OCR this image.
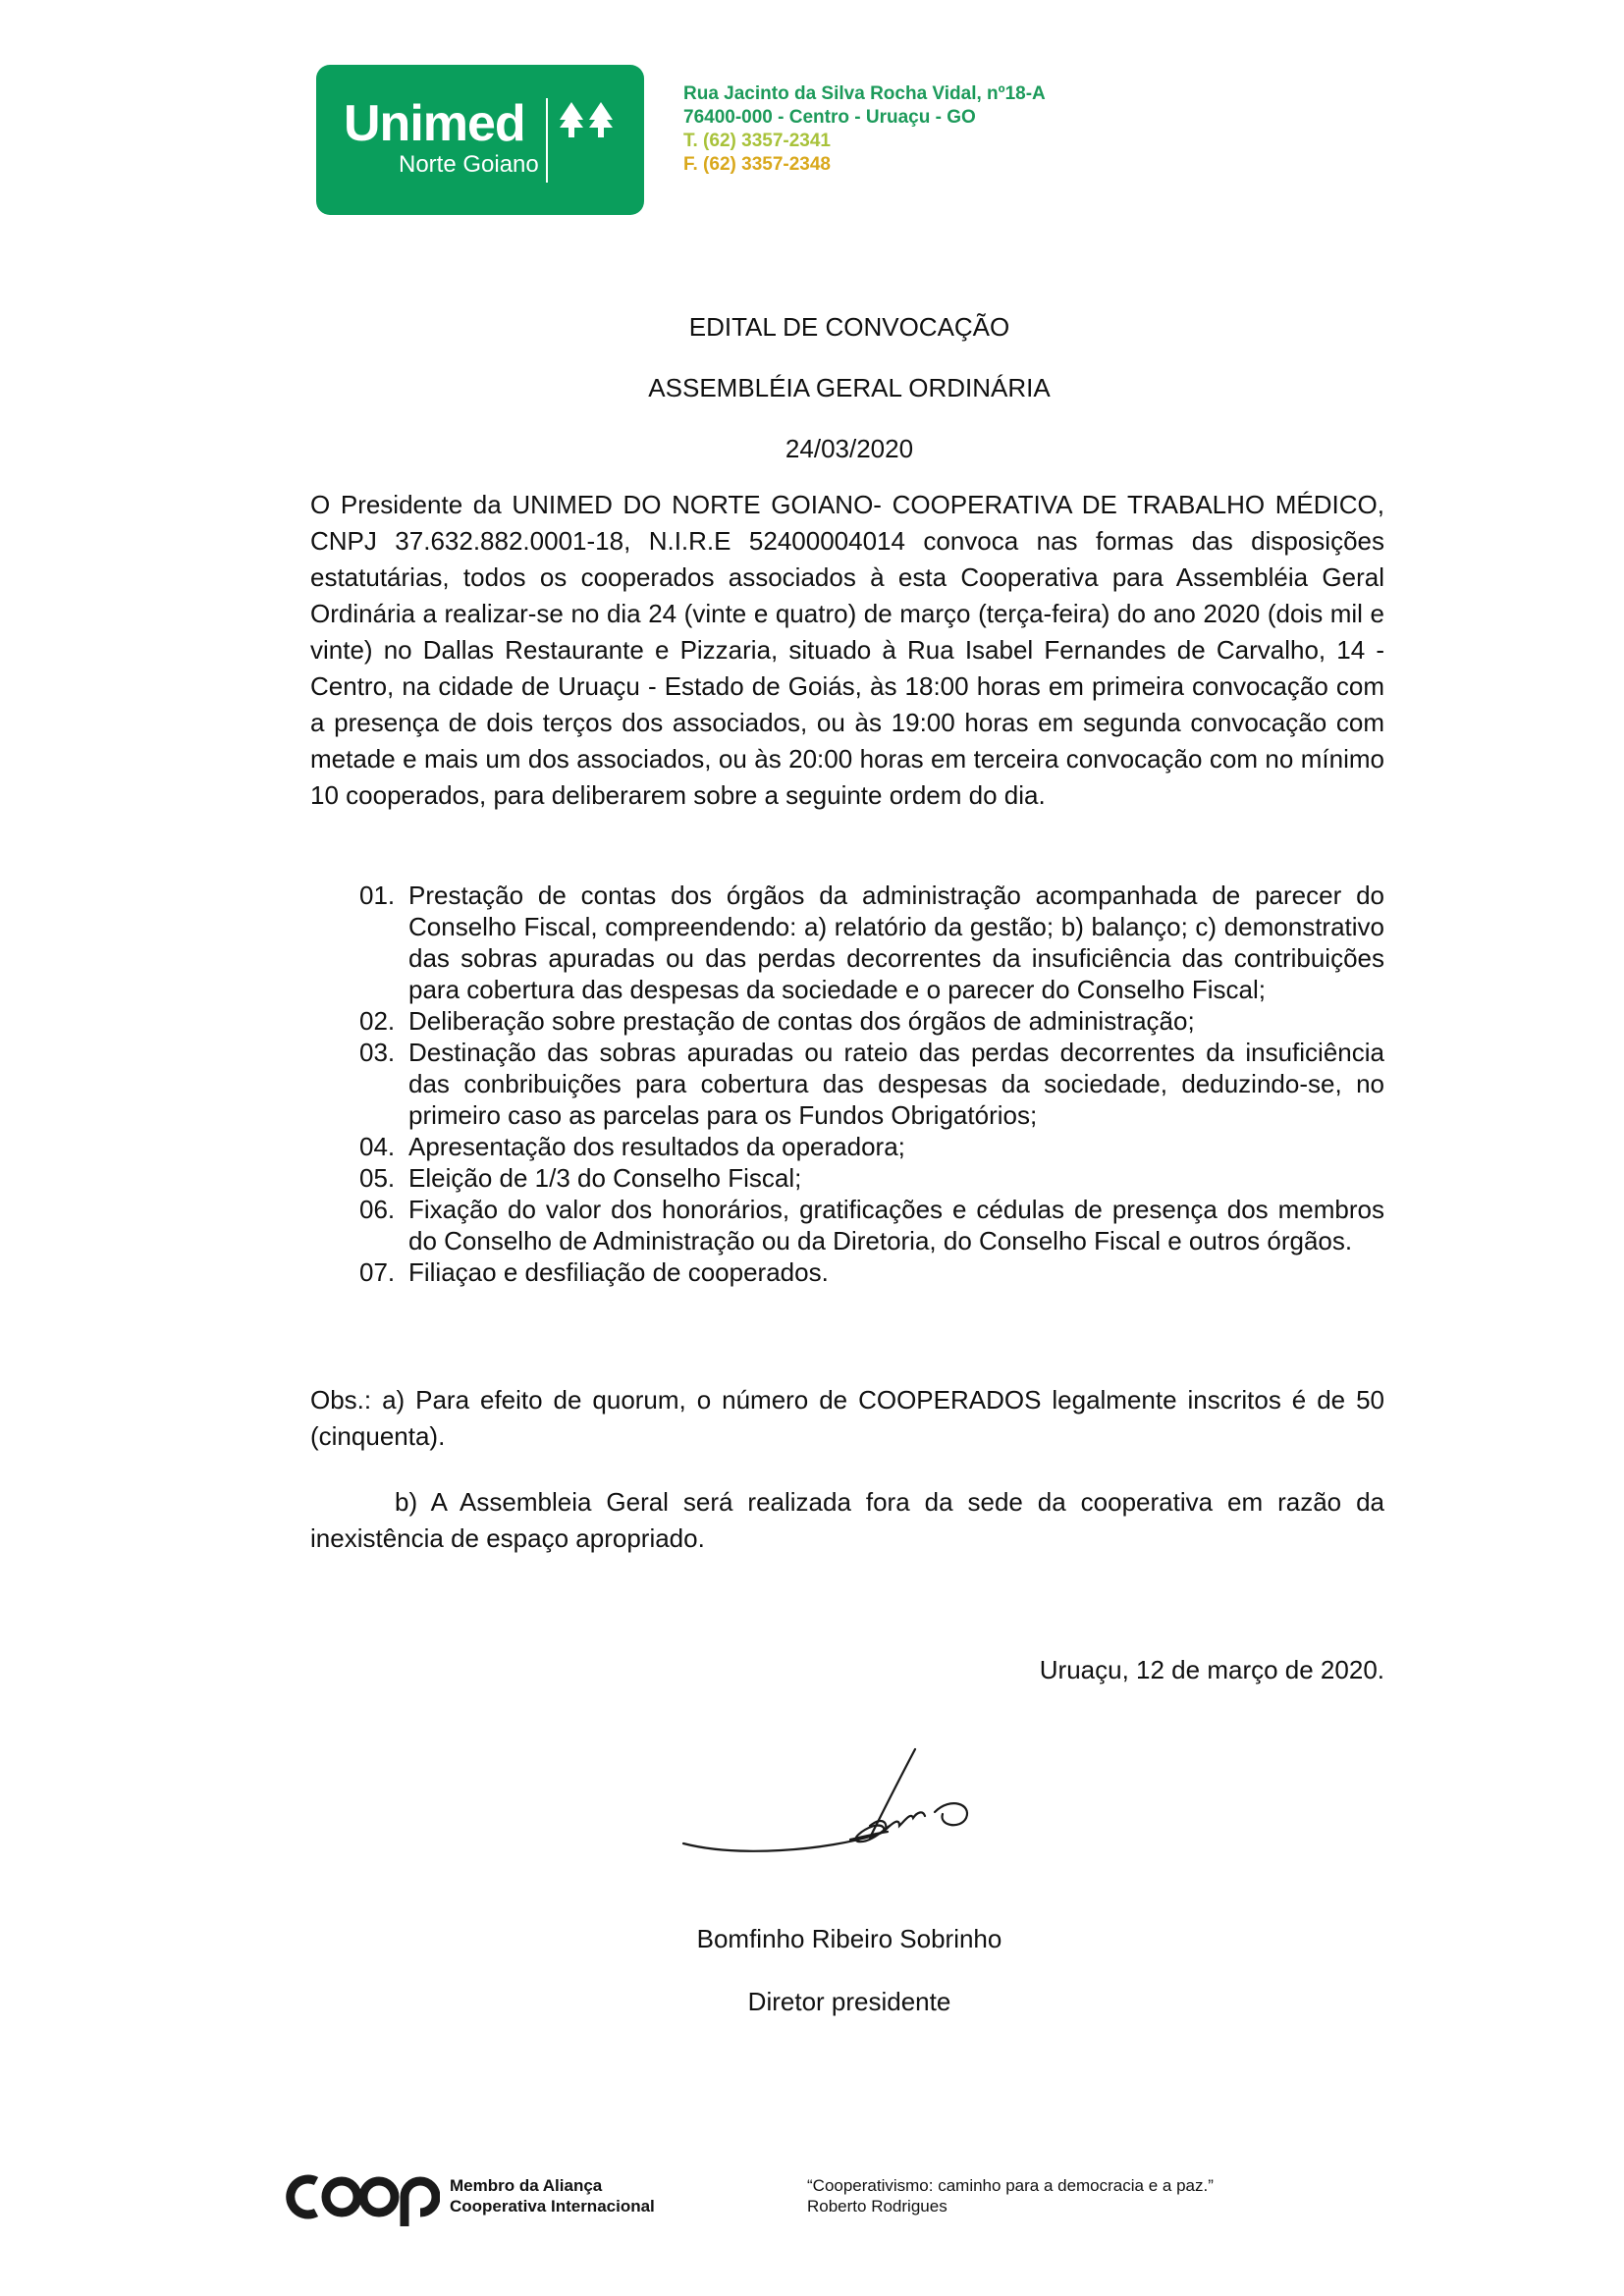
Unimed
Norte Goiano
Rua Jacinto da Silva Rocha Vidal, nº18-A
76400-000 - Centro - Uruaçu - GO
T. (62) 3357-2341
F. (62) 3357-2348
EDITAL DE CONVOCAÇÃO
ASSEMBLÉIA GERAL ORDINÁRIA
24/03/2020

O Presidente da UNIMED DO NORTE GOIANO- COOPERATIVA DE TRABALHO MÉDICO, CNPJ 37.632.882.0001-18, N.I.R.E 52400004014 convoca nas formas das disposições estatutárias, todos os cooperados associados à esta Cooperativa para Assembléia Geral Ordinária a realizar-se no dia 24 (vinte e quatro) de março (terça-feira) do ano 2020 (dois mil e vinte) no Dallas Restaurante e Pizzaria, situado à Rua Isabel Fernandes de Carvalho, 14 - Centro, na cidade de Uruaçu - Estado de Goiás, às 18:00 horas em primeira convocação com a presença de dois terços dos associados, ou às 19:00 horas em segunda convocação com metade e mais um dos associados, ou às 20:00 horas em terceira convocação com no mínimo 10 cooperados, para deliberarem sobre a seguinte ordem do dia.

01. Prestação de contas dos órgãos da administração acompanhada de parecer do Conselho Fiscal, compreendendo: a) relatório da gestão; b) balanço; c) demonstrativo das sobras apuradas ou das perdas decorrentes da insuficiência das contribuições para cobertura das despesas da sociedade e o parecer do Conselho Fiscal;
02. Deliberação sobre prestação de contas dos órgãos de administração;
03. Destinação das sobras apuradas ou rateio das perdas decorrentes da insuficiência das conbribuições para cobertura das despesas da sociedade, deduzindo-se, no primeiro caso as parcelas para os Fundos Obrigatórios;
04. Apresentação dos resultados da operadora;
05. Eleição de 1/3 do Conselho Fiscal;
06. Fixação do valor dos honorários, gratificações e cédulas de presença dos membros do Conselho de Administração ou da Diretoria, do Conselho Fiscal e outros órgãos.
07. Filiaçao e desfiliação de cooperados.

Obs.: a) Para efeito de quorum, o número de COOPERADOS legalmente inscritos é de 50 (cinquenta).

b) A Assembleia Geral será realizada fora da sede da cooperativa em razão da inexistência de espaço apropriado.

Uruaçu, 12 de março de 2020.
Bomfinho Ribeiro Sobrinho
Diretor presidente
Membro da Aliança
Cooperativa Internacional
“Cooperativismo: caminho para a democracia e a paz.”
Roberto Rodrigues
